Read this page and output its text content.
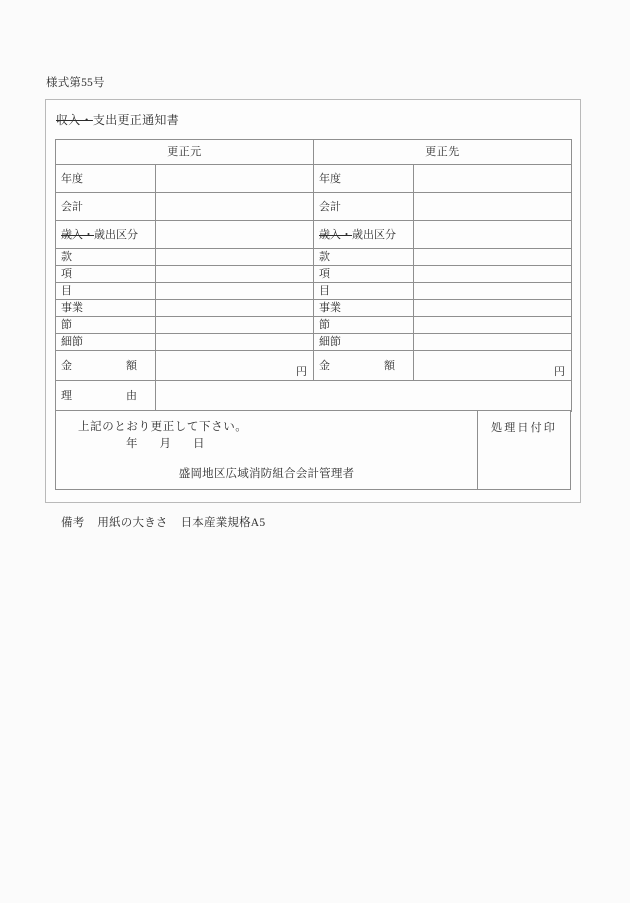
様式第55号
収入・支出更正通知書
更正元		更正先	
年度		年度	
会計		会計	
歳入・歳出区分		歳入・歳出区分	
款		款	
項		項	
目		目	
事業		事業	
節		節	
細節		細節	

金 額	円	金 額	円

理 由			

上記のとおり更正して下さい。
年 月 日
盛岡地区広域消防組合会計管理者
処理日付印
備考 用紙の大きさ 日本産業規格A5
